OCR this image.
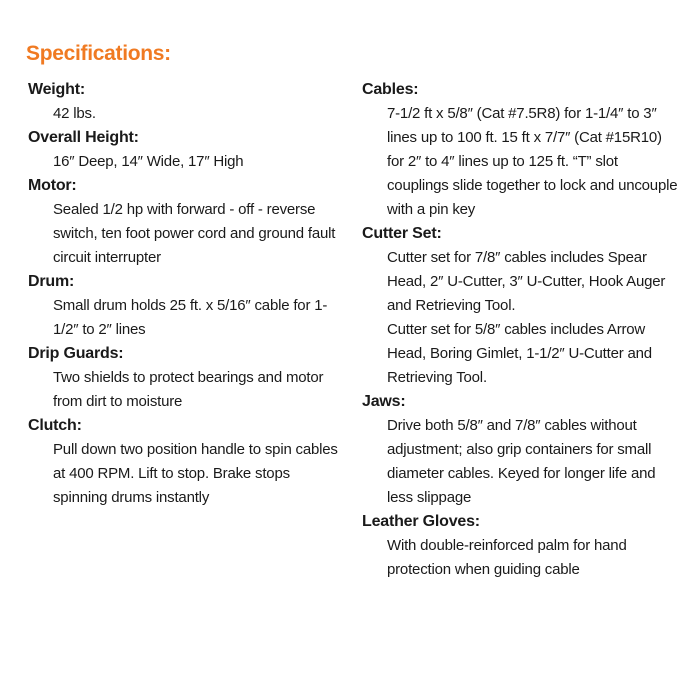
Specifications:
Weight:

42 lbs.

Overall Height:

16″ Deep, 14″ Wide, 17″ High

Motor:

Sealed 1/2 hp with forward - off - reverse switch, ten foot power cord and ground fault circuit interrupter

Drum:

Small drum holds 25 ft. x 5/16″ cable for 1-1/2″ to 2″ lines

Drip Guards:

Two shields to protect bearings and motor from dirt to moisture

Clutch:

Pull down two position handle to spin cables at 400 RPM. Lift to stop. Brake stops spinning drums instantly

Cables:

7-1/2 ft x 5/8″ (Cat #7.5R8) for 1-1/4″ to 3″ lines up to 100 ft. 15 ft x 7/7″ (Cat #15R10) for 2″ to 4″ lines up to 125 ft. “T” slot couplings slide together to lock and uncouple with a pin key

Cutter Set:

Cutter set for 7/8″ cables includes Spear Head, 2″ U-Cutter, 3″ U-Cutter, Hook Auger and Retrieving Tool.

Cutter set for 5/8″ cables includes Arrow Head, Boring Gimlet, 1-1/2″ U-Cutter and Retrieving Tool.

Jaws:

Drive both 5/8″ and 7/8″ cables without adjustment; also grip containers for small diameter cables. Keyed for longer life and less slippage

Leather Gloves:

With double-reinforced palm for hand protection when guiding cable
